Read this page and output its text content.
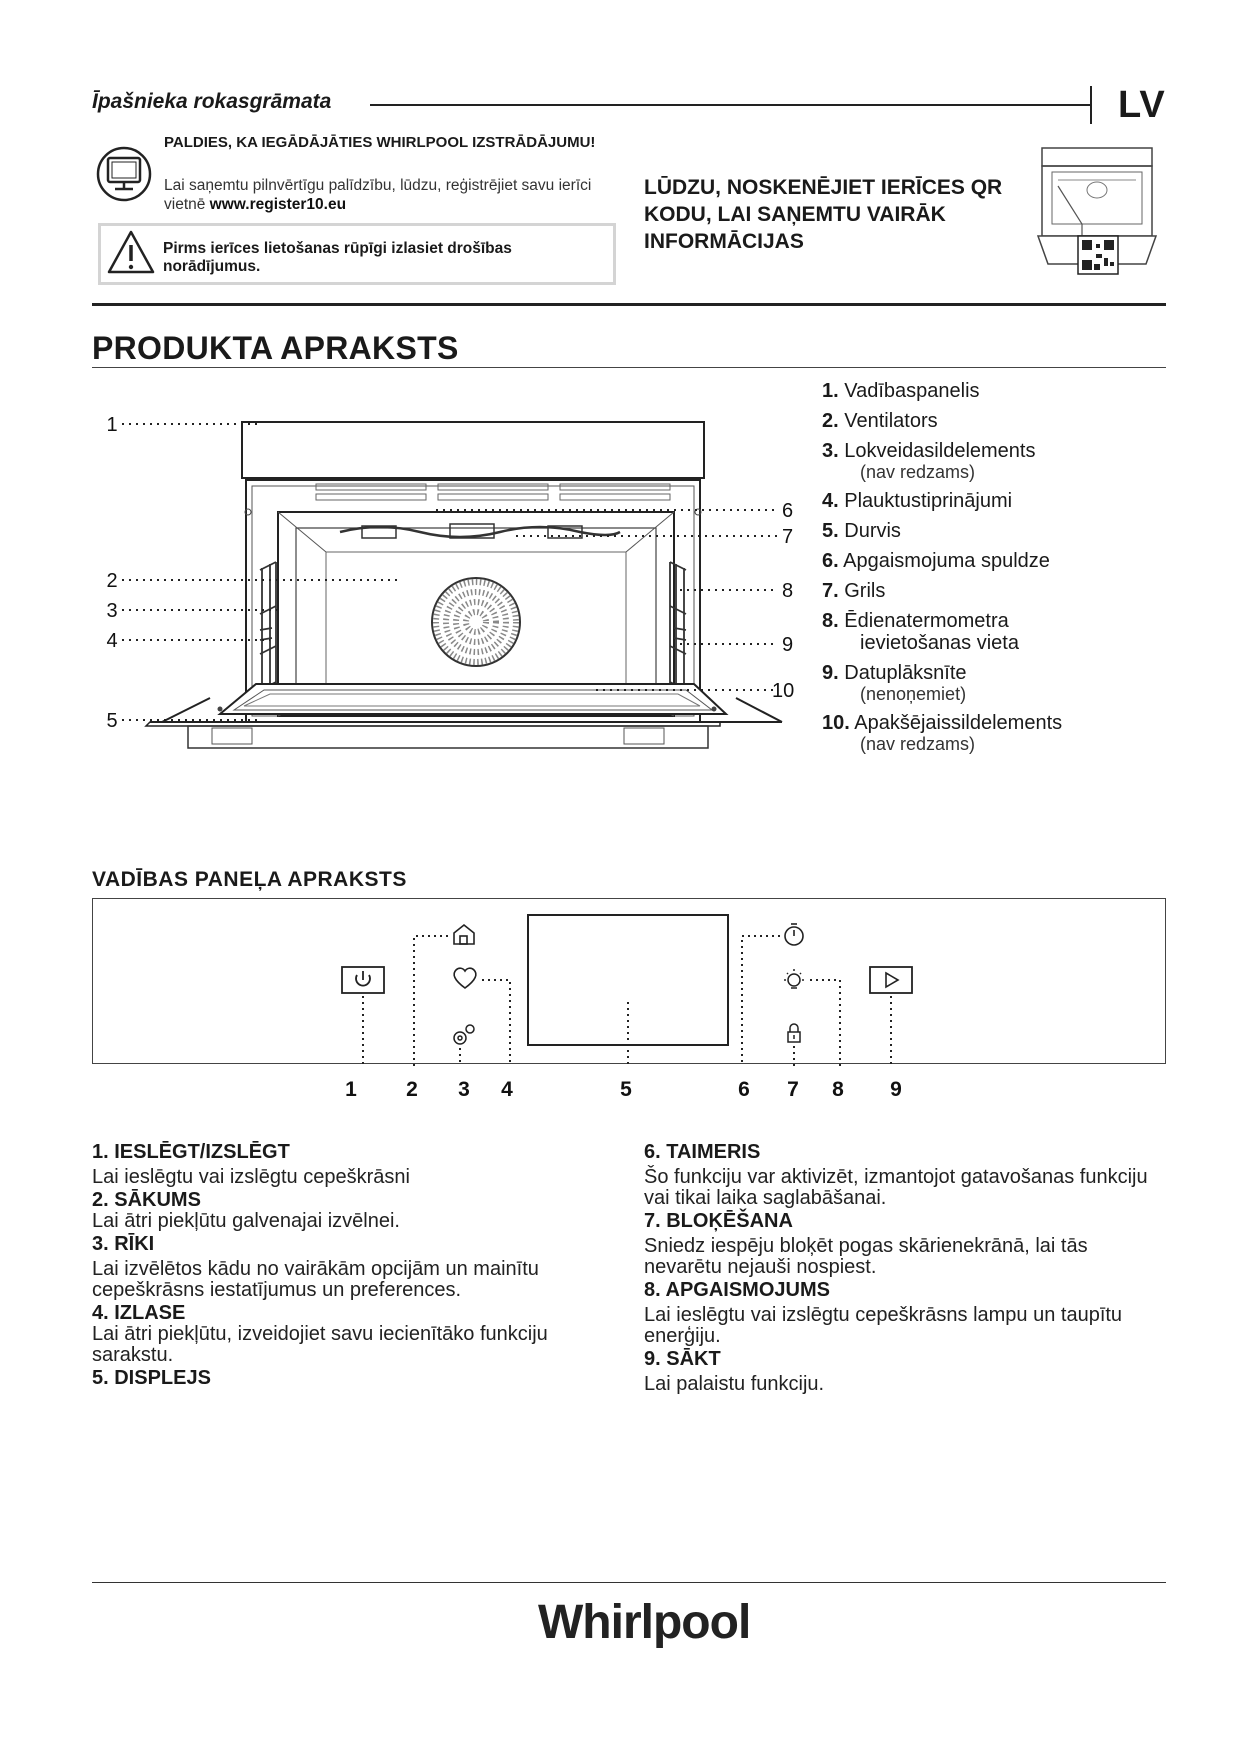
Īpašnieka rokasgrāmata	LV
PALDIES, KA IEGĀDĀJĀTIES WHIRLPOOL IZSTRĀDĀJUMU!
Lai saņemtu pilnvērtīgu palīdzību, lūdzu, reģistrējiet savu ierīci vietnē www.register10.eu
Pirms ierīces lietošanas rūpīgi izlasiet drošības norādījumus.
LŪDZU, NOSKENĒJIET IERĪCES QR KODU, LAI SAŅEMTU VAIRĀK INFORMĀCIJAS
PRODUKTA APRAKSTS
1
2
3
4
5
6
7
8
9
10
1. Vadībaspanelis
2. Ventilators
3. Lokveidasildelements
(nav redzams)
4. Plauktustiprinājumi
5. Durvis
6. Apgaismojuma spuldze
7. Grils
8. Ēdienatermometra
ievietošanas vieta
9. Datuplāksnīte
(nenoņemiet)
10. Apakšējaissildelements
(nav redzams)
VADĪBAS PANEĻA APRAKSTS
1 2 3 4	5	6 7 8 9
1. IESLĒGT/IZSLĒGT
Lai ieslēgtu vai izslēgtu cepeškrāsni
2. SĀKUMS
Lai ātri piekļūtu galvenajai izvēlnei.
3. RĪKI
Lai izvēlētos kādu no vairākām opcijām un mainītu cepeškrāsns iestatījumus un preferences.
4. IZLASE
Lai ātri piekļūtu, izveidojiet savu iecienītāko funkciju sarakstu.
5. DISPLEJS
6. TAIMERIS
Šo funkciju var aktivizēt, izmantojot gatavošanas funkciju vai tikai laika saglabāšanai.
7. BLOĶĒŠANA
Sniedz iespēju bloķēt pogas skārienekrānā, lai tās nevarētu nejauši nospiest.
8. APGAISMOJUMS
Lai ieslēgtu vai izslēgtu cepeškrāsns lampu un taupītu enerģiju.
9. SĀKT
Lai palaistu funkciju.
Whirlpool
